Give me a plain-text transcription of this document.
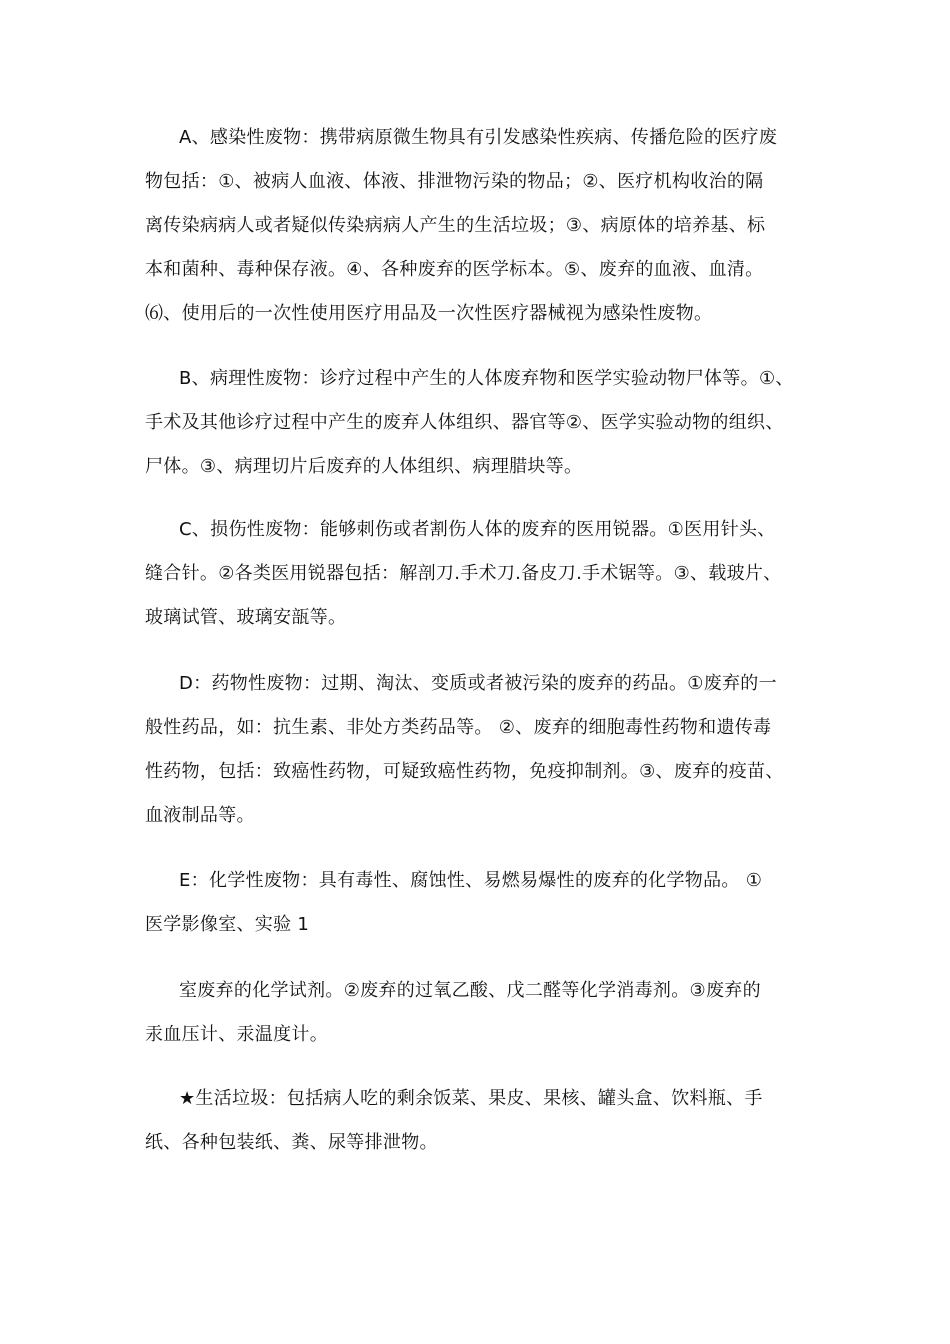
A、感染性废物：携带病原微生物具有引发感染性疾病、传播危险的医疗废
物包括：①、被病人血液、体液、排泄物污染的物品；②、医疗机构收治的隔
离传染病病人或者疑似传染病病人产生的生活垃圾；③、病原体的培养基、标
本和菌种、毒种保存液。④、各种废弃的医学标本。⑤、废弃的血液、血清。
⑹、使用后的一次性使用医疗用品及一次性医疗器械视为感染性废物。
B、病理性废物：诊疗过程中产生的人体废弃物和医学实验动物尸体等。①、
手术及其他诊疗过程中产生的废弃人体组织、器官等②、医学实验动物的组织、
尸体。③、病理切片后废弃的人体组织、病理腊块等。
C、损伤性废物：能够刺伤或者割伤人体的废弃的医用锐器。①医用针头、
缝合针。②各类医用锐器包括：解剖刀.手术刀.备皮刀.手术锯等。③、载玻片、
玻璃试管、玻璃安瓿等。
D：药物性废物：过期、淘汰、变质或者被污染的废弃的药品。①废弃的一
般性药品，如：抗生素、非处方类药品等。 ②、废弃的细胞毒性药物和遗传毒
性药物，包括：致癌性药物，可疑致癌性药物，免疫抑制剂。③、废弃的疫苗、
血液制品等。
E：化学性废物：具有毒性、腐蚀性、易燃易爆性的废弃的化学物品。 ①
医学影像室、实验 1
室废弃的化学试剂。②废弃的过氧乙酸、戊二醛等化学消毒剂。③废弃的
汞血压计、汞温度计。
★生活垃圾：包括病人吃的剩余饭菜、果皮、果核、罐头盒、饮料瓶、手
纸、各种包装纸、粪、尿等排泄物。
